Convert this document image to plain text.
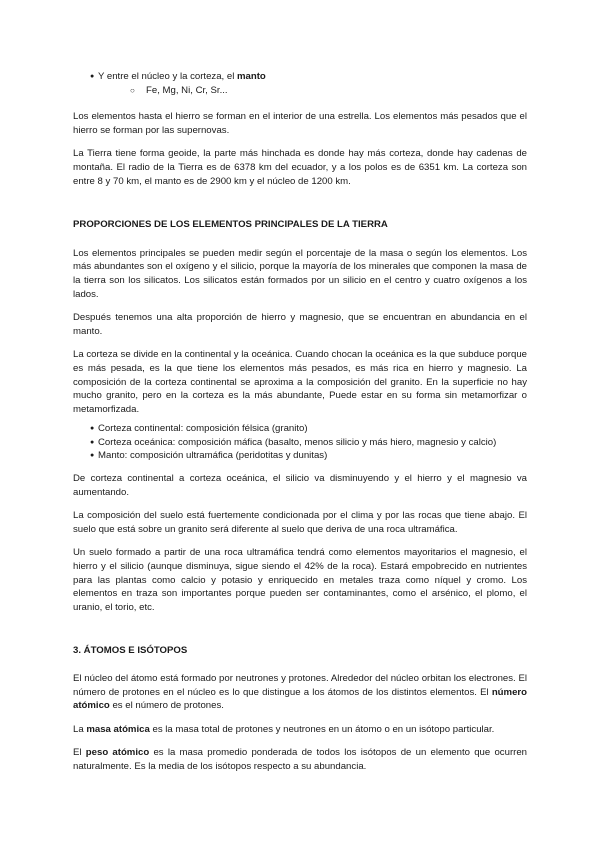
● Y entre el núcleo y la corteza, el manto
○ Fe, Mg, Ni, Cr, Sr...

Los elementos hasta el hierro se forman en el interior de una estrella. Los elementos más pesados que el hierro se forman por las supernovas.

La Tierra tiene forma geoide, la parte más hinchada es donde hay más corteza, donde hay cadenas de montaña. El radio de la Tierra es de 6378 km del ecuador, y a los polos es de 6351 km. La corteza son entre 8 y 70 km, el manto es de 2900 km y el núcleo de 1200 km.

PROPORCIONES DE LOS ELEMENTOS PRINCIPALES DE LA TIERRA

Los elementos principales se pueden medir según el porcentaje de la masa o según los elementos. Los más abundantes son el oxígeno y el silicio, porque la mayoría de los minerales que componen la masa de la tierra son los silicatos. Los silicatos están formados por un silicio en el centro y cuatro oxígenos a los lados.

Después tenemos una alta proporción de hierro y magnesio, que se encuentran en abundancia en el manto.

La corteza se divide en la continental y la oceánica. Cuando chocan la oceánica es la que subduce porque es más pesada, es la que tiene los elementos más pesados, es más rica en hierro y magnesio. La composición de la corteza continental se aproxima a la composición del granito. En la superficie no hay mucho granito, pero en la corteza es la más abundante, Puede estar en su forma sin metamorfizar o metamorfizada.

● Corteza continental: composición félsica (granito)
● Corteza oceánica: composición máfica (basalto, menos silicio y más hiero, magnesio y calcio)
● Manto: composición ultramáfica (peridotitas y dunitas)

De corteza continental a corteza oceánica, el silicio va disminuyendo y el hierro y el magnesio va aumentando.

La composición del suelo está fuertemente condicionada por el clima y por las rocas que tiene abajo. El suelo que está sobre un granito será diferente al suelo que deriva de una roca ultramáfica.

Un suelo formado a partir de una roca ultramáfica tendrá como elementos mayoritarios el magnesio, el hierro y el silicio (aunque disminuya, sigue siendo el 42% de la roca). Estará empobrecido en nutrientes para las plantas como calcio y potasio y enriquecido en metales traza como níquel y cromo. Los elementos en traza son importantes porque pueden ser contaminantes, como el arsénico, el plomo, el uranio, el torio, etc.

3. ÁTOMOS E ISÓTOPOS

El núcleo del átomo está formado por neutrones y protones. Alrededor del núcleo orbitan los electrones. El número de protones en el núcleo es lo que distingue a los átomos de los distintos elementos. El número atómico es el número de protones.

La masa atómica es la masa total de protones y neutrones en un átomo o en un isótopo particular.

El peso atómico es la masa promedio ponderada de todos los isótopos de un elemento que ocurren naturalmente. Es la media de los isótopos respecto a su abundancia.
